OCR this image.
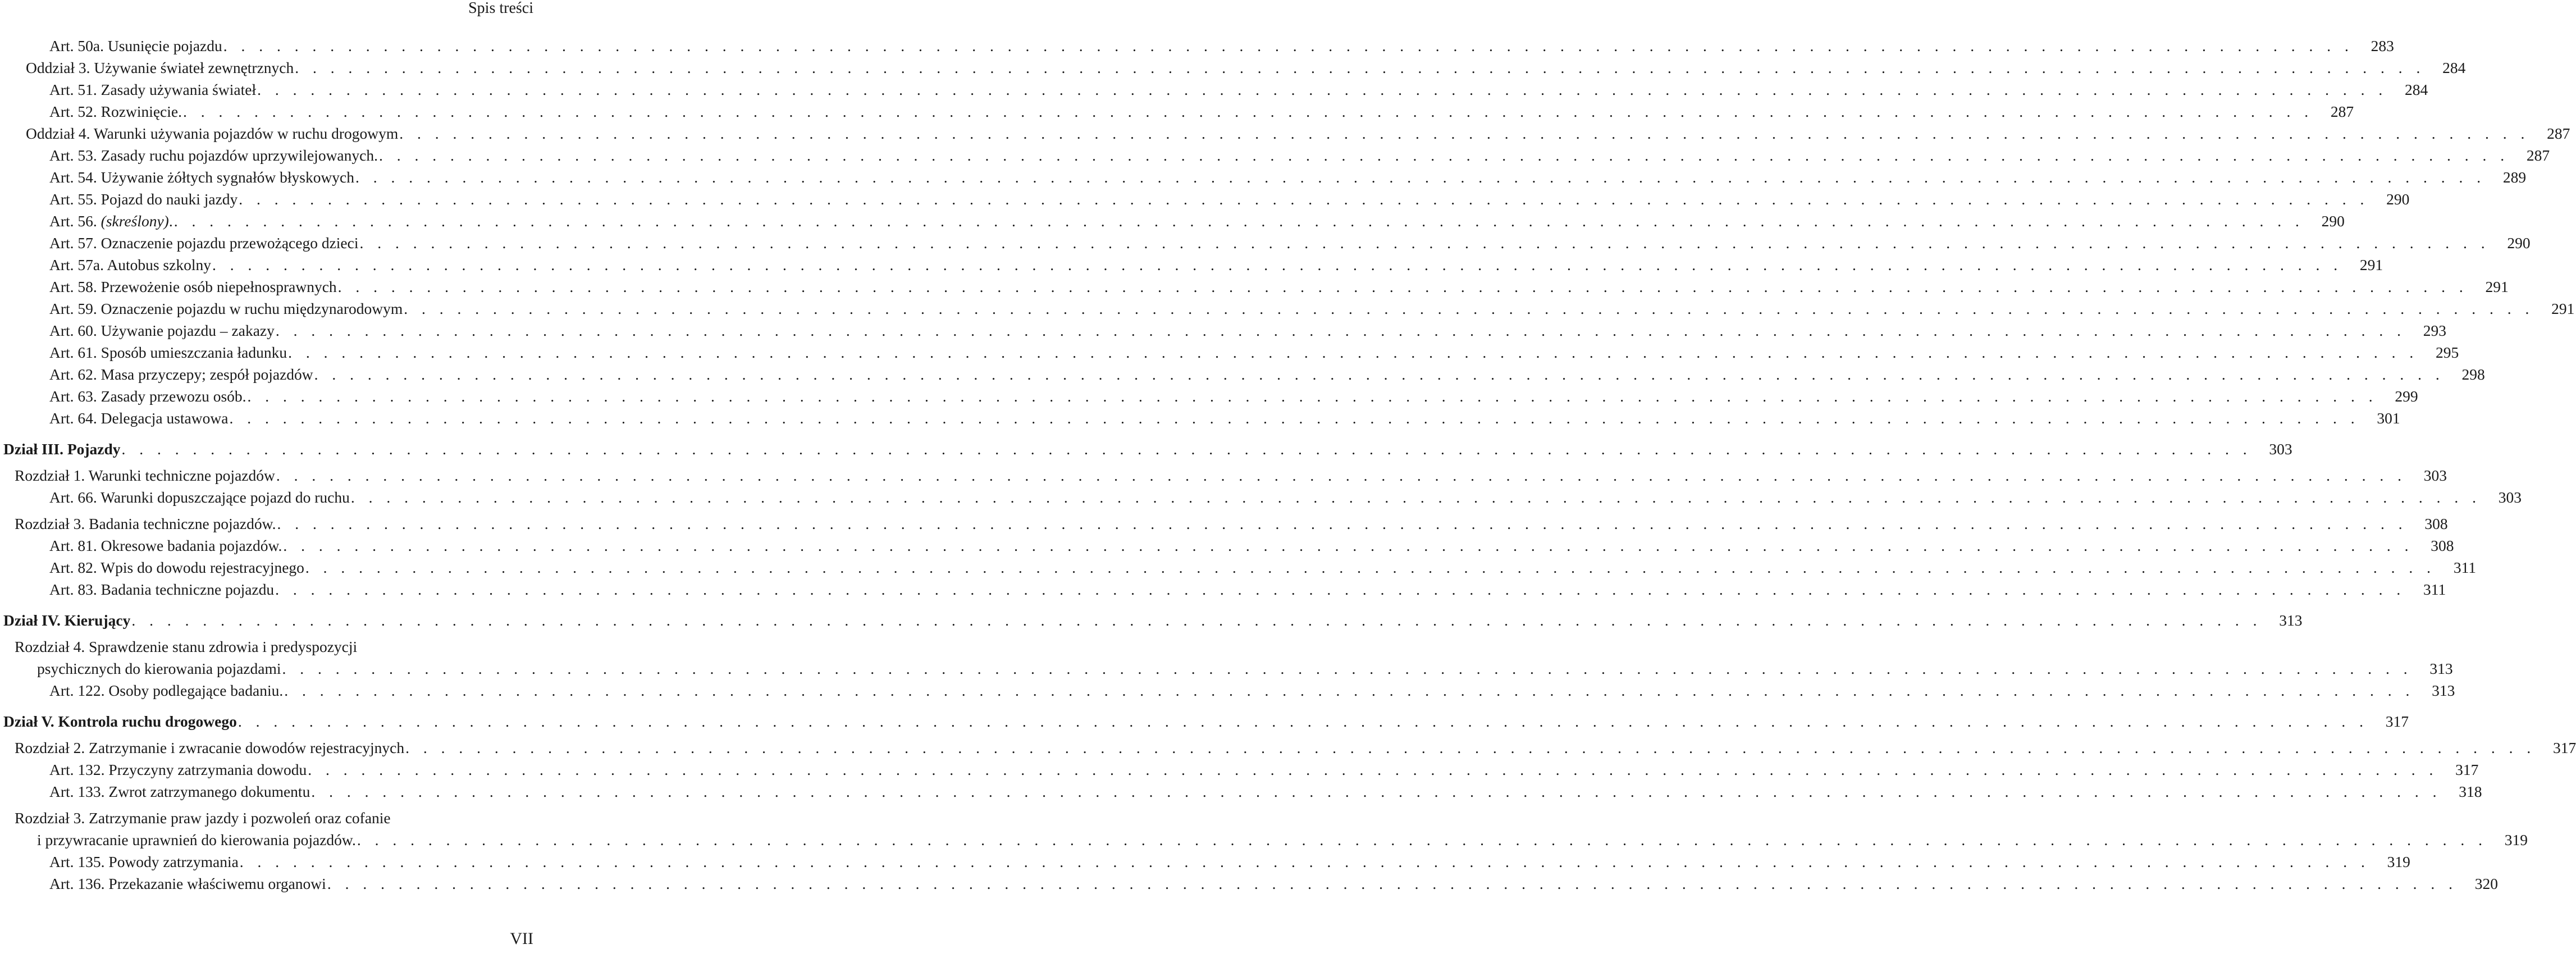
Spis treści
Art. 50a. Usunięcie pojazdu . . . . . . . . . . . . . . . . . . . . . . . . . . . . . . . . . . . . . . . . . . . . . . . . . . . . . . . . . . . . . . . . . . . . . . . . . . . . . . . . . . . . . . . . . . . . . . . . . . . . . . . . . . . . . . . . . . . . . . . .	283
Oddział 3. Używanie świateł zewnętrznych . . . . . . . . . . . . . . . . . . . . . . . . . . . . . . . . . . . . . . . . . . . . . . . . . . . . . . . . . . . . . . . . . . . . . . . . . . . . . . . . . . . . . . . . . . . . . . . . . . . . . . . . . . . . . . . . . . . . . . . .	284
Art. 51. Zasady używania świateł . . . . . . . . . . . . . . . . . . . . . . . . . . . . . . . . . . . . . . . . . . . . . . . . . . . . . . . . . . . . . . . . . . . . . . . . . . . . . . . . . . . . . . . . . . . . . . . . . . . . . . . . . . . . . . . . . . . . . . . .	284
Art. 52. Rozwinięcie. . . . . . . . . . . . . . . . . . . . . . . . . . . . . . . . . . . . . . . . . . . . . . . . . . . . . . . . . . . . . . . . . . . . . . . . . . . . . . . . . . . . . . . . . . . . . . . . . . . . . . . . . . . . . . . . . . . . . . . . .	287
Oddział 4. Warunki używania pojazdów w ruchu drogowym . . . . . . . . . . . . . . . . . . . . . . . . . . . . . . . . . . . . . . . . . . . . . . . . . . . . . . . . . . . . . . . . . . . . . . . . . . . . . . . . . . . . . . . . . . . . . . . . . . . . . . . . . . . . . . . . . . . . . . . .	287
Art. 53. Zasady ruchu pojazdów uprzywilejowanych. . . . . . . . . . . . . . . . . . . . . . . . . . . . . . . . . . . . . . . . . . . . . . . . . . . . . . . . . . . . . . . . . . . . . . . . . . . . . . . . . . . . . . . . . . . . . . . . . . . . . . . . . . . . . . . . . . . . . . . . .	287
Art. 54. Używanie żółtych sygnałów błyskowych . . . . . . . . . . . . . . . . . . . . . . . . . . . . . . . . . . . . . . . . . . . . . . . . . . . . . . . . . . . . . . . . . . . . . . . . . . . . . . . . . . . . . . . . . . . . . . . . . . . . . . . . . . . . . . . . . . . . . . . .	289
Art. 55. Pojazd do nauki jazdy . . . . . . . . . . . . . . . . . . . . . . . . . . . . . . . . . . . . . . . . . . . . . . . . . . . . . . . . . . . . . . . . . . . . . . . . . . . . . . . . . . . . . . . . . . . . . . . . . . . . . . . . . . . . . . . . . . . . . . . .	290
Art. 56. (skreślony). . . . . . . . . . . . . . . . . . . . . . . . . . . . . . . . . . . . . . . . . . . . . . . . . . . . . . . . . . . . . . . . . . . . . . . . . . . . . . . . . . . . . . . . . . . . . . . . . . . . . . . . . . . . . . . . . . . . . . . . .	290
Art. 57. Oznaczenie pojazdu przewożącego dzieci . . . . . . . . . . . . . . . . . . . . . . . . . . . . . . . . . . . . . . . . . . . . . . . . . . . . . . . . . . . . . . . . . . . . . . . . . . . . . . . . . . . . . . . . . . . . . . . . . . . . . . . . . . . . . . . . . . . . . . . .	290
Art. 57a. Autobus szkolny . . . . . . . . . . . . . . . . . . . . . . . . . . . . . . . . . . . . . . . . . . . . . . . . . . . . . . . . . . . . . . . . . . . . . . . . . . . . . . . . . . . . . . . . . . . . . . . . . . . . . . . . . . . . . . . . . . . . . . . .	291
Art. 58. Przewożenie osób niepełnosprawnych . . . . . . . . . . . . . . . . . . . . . . . . . . . . . . . . . . . . . . . . . . . . . . . . . . . . . . . . . . . . . . . . . . . . . . . . . . . . . . . . . . . . . . . . . . . . . . . . . . . . . . . . . . . . . . . . . . . . . . . .	291
Art. 59. Oznaczenie pojazdu w ruchu międzynarodowym . . . . . . . . . . . . . . . . . . . . . . . . . . . . . . . . . . . . . . . . . . . . . . . . . . . . . . . . . . . . . . . . . . . . . . . . . . . . . . . . . . . . . . . . . . . . . . . . . . . . . . . . . . . . . . . . . . . . . . . .	291
Art. 60. Używanie pojazdu – zakazy . . . . . . . . . . . . . . . . . . . . . . . . . . . . . . . . . . . . . . . . . . . . . . . . . . . . . . . . . . . . . . . . . . . . . . . . . . . . . . . . . . . . . . . . . . . . . . . . . . . . . . . . . . . . . . . . . . . . . . . .	293
Art. 61. Sposób umieszczania ładunku . . . . . . . . . . . . . . . . . . . . . . . . . . . . . . . . . . . . . . . . . . . . . . . . . . . . . . . . . . . . . . . . . . . . . . . . . . . . . . . . . . . . . . . . . . . . . . . . . . . . . . . . . . . . . . . . . . . . . . . .	295
Art. 62. Masa przyczepy; zespół pojazdów . . . . . . . . . . . . . . . . . . . . . . . . . . . . . . . . . . . . . . . . . . . . . . . . . . . . . . . . . . . . . . . . . . . . . . . . . . . . . . . . . . . . . . . . . . . . . . . . . . . . . . . . . . . . . . . . . . . . . . . .	298
Art. 63. Zasady przewozu osób. . . . . . . . . . . . . . . . . . . . . . . . . . . . . . . . . . . . . . . . . . . . . . . . . . . . . . . . . . . . . . . . . . . . . . . . . . . . . . . . . . . . . . . . . . . . . . . . . . . . . . . . . . . . . . . . . . . . . . . . .	299
Art. 64. Delegacja ustawowa . . . . . . . . . . . . . . . . . . . . . . . . . . . . . . . . . . . . . . . . . . . . . . . . . . . . . . . . . . . . . . . . . . . . . . . . . . . . . . . . . . . . . . . . . . . . . . . . . . . . . . . . . . . . . . . . . . . . . . . .	301
Dział III. Pojazdy . . . . . . . . . . . . . . . . . . . . . . . . . . . . . . . . . . . . . . . . . . . . . . . . . . . . . . . . . . . . . . . . . . . . . . . . . . . . . . . . . . . . . . . . . . . . . . . . . . . . . . . . . . . . . . . . . . . . . . . .	303
Rozdział 1. Warunki techniczne pojazdów . . . . . . . . . . . . . . . . . . . . . . . . . . . . . . . . . . . . . . . . . . . . . . . . . . . . . . . . . . . . . . . . . . . . . . . . . . . . . . . . . . . . . . . . . . . . . . . . . . . . . . . . . . . . . . . . . . . . . . . .	303
Art. 66. Warunki dopuszczające pojazd do ruchu . . . . . . . . . . . . . . . . . . . . . . . . . . . . . . . . . . . . . . . . . . . . . . . . . . . . . . . . . . . . . . . . . . . . . . . . . . . . . . . . . . . . . . . . . . . . . . . . . . . . . . . . . . . . . . . . . . . . . . . .	303
Rozdział 3. Badania techniczne pojazdów. . . . . . . . . . . . . . . . . . . . . . . . . . . . . . . . . . . . . . . . . . . . . . . . . . . . . . . . . . . . . . . . . . . . . . . . . . . . . . . . . . . . . . . . . . . . . . . . . . . . . . . . . . . . . . . . . . . . . . . . .	308
Art. 81. Okresowe badania pojazdów. . . . . . . . . . . . . . . . . . . . . . . . . . . . . . . . . . . . . . . . . . . . . . . . . . . . . . . . . . . . . . . . . . . . . . . . . . . . . . . . . . . . . . . . . . . . . . . . . . . . . . . . . . . . . . . . . . . . . . . . .	308
Art. 82. Wpis do dowodu rejestracyjnego . . . . . . . . . . . . . . . . . . . . . . . . . . . . . . . . . . . . . . . . . . . . . . . . . . . . . . . . . . . . . . . . . . . . . . . . . . . . . . . . . . . . . . . . . . . . . . . . . . . . . . . . . . . . . . . . . . . . . . . .	311
Art. 83. Badania techniczne pojazdu . . . . . . . . . . . . . . . . . . . . . . . . . . . . . . . . . . . . . . . . . . . . . . . . . . . . . . . . . . . . . . . . . . . . . . . . . . . . . . . . . . . . . . . . . . . . . . . . . . . . . . . . . . . . . . . . . . . . . . . .	311
Dział IV. Kierujący . . . . . . . . . . . . . . . . . . . . . . . . . . . . . . . . . . . . . . . . . . . . . . . . . . . . . . . . . . . . . . . . . . . . . . . . . . . . . . . . . . . . . . . . . . . . . . . . . . . . . . . . . . . . . . . . . . . . . . . .	313
Rozdział 4. Sprawdzenie stanu zdrowia i predyspozycji
psychicznych do kierowania pojazdami . . . . . . . . . . . . . . . . . . . . . . . . . . . . . . . . . . . . . . . . . . . . . . . . . . . . . . . . . . . . . . . . . . . . . . . . . . . . . . . . . . . . . . . . . . . . . . . . . . . . . . . . . . . . . . . . . . . . . . . .	313
Art. 122. Osoby podlegające badaniu. . . . . . . . . . . . . . . . . . . . . . . . . . . . . . . . . . . . . . . . . . . . . . . . . . . . . . . . . . . . . . . . . . . . . . . . . . . . . . . . . . . . . . . . . . . . . . . . . . . . . . . . . . . . . . . . . . . . . . . . .	313
Dział V. Kontrola ruchu drogowego . . . . . . . . . . . . . . . . . . . . . . . . . . . . . . . . . . . . . . . . . . . . . . . . . . . . . . . . . . . . . . . . . . . . . . . . . . . . . . . . . . . . . . . . . . . . . . . . . . . . . . . . . . . . . . . . . . . . . . . .	317
Rozdział 2. Zatrzymanie i zwracanie dowodów rejestracyjnych . . . . . . . . . . . . . . . . . . . . . . . . . . . . . . . . . . . . . . . . . . . . . . . . . . . . . . . . . . . . . . . . . . . . . . . . . . . . . . . . . . . . . . . . . . . . . . . . . . . . . . . . . . . . . . . . . . . . . . . .	317
Art. 132. Przyczyny zatrzymania dowodu . . . . . . . . . . . . . . . . . . . . . . . . . . . . . . . . . . . . . . . . . . . . . . . . . . . . . . . . . . . . . . . . . . . . . . . . . . . . . . . . . . . . . . . . . . . . . . . . . . . . . . . . . . . . . . . . . . . . . . . .	317
Art. 133. Zwrot zatrzymanego dokumentu . . . . . . . . . . . . . . . . . . . . . . . . . . . . . . . . . . . . . . . . . . . . . . . . . . . . . . . . . . . . . . . . . . . . . . . . . . . . . . . . . . . . . . . . . . . . . . . . . . . . . . . . . . . . . . . . . . . . . . . .	318
Rozdział 3. Zatrzymanie praw jazdy i pozwoleń oraz cofanie
i przywracanie uprawnień do kierowania pojazdów. . . . . . . . . . . . . . . . . . . . . . . . . . . . . . . . . . . . . . . . . . . . . . . . . . . . . . . . . . . . . . . . . . . . . . . . . . . . . . . . . . . . . . . . . . . . . . . . . . . . . . . . . . . . . . . . . . . . . . . . .	319
Art. 135. Powody zatrzymania . . . . . . . . . . . . . . . . . . . . . . . . . . . . . . . . . . . . . . . . . . . . . . . . . . . . . . . . . . . . . . . . . . . . . . . . . . . . . . . . . . . . . . . . . . . . . . . . . . . . . . . . . . . . . . . . . . . . . . . .	319
Art. 136. Przekazanie właściwemu organowi . . . . . . . . . . . . . . . . . . . . . . . . . . . . . . . . . . . . . . . . . . . . . . . . . . . . . . . . . . . . . . . . . . . . . . . . . . . . . . . . . . . . . . . . . . . . . . . . . . . . . . . . . . . . . . . . . . . . . . . .	320
VII
